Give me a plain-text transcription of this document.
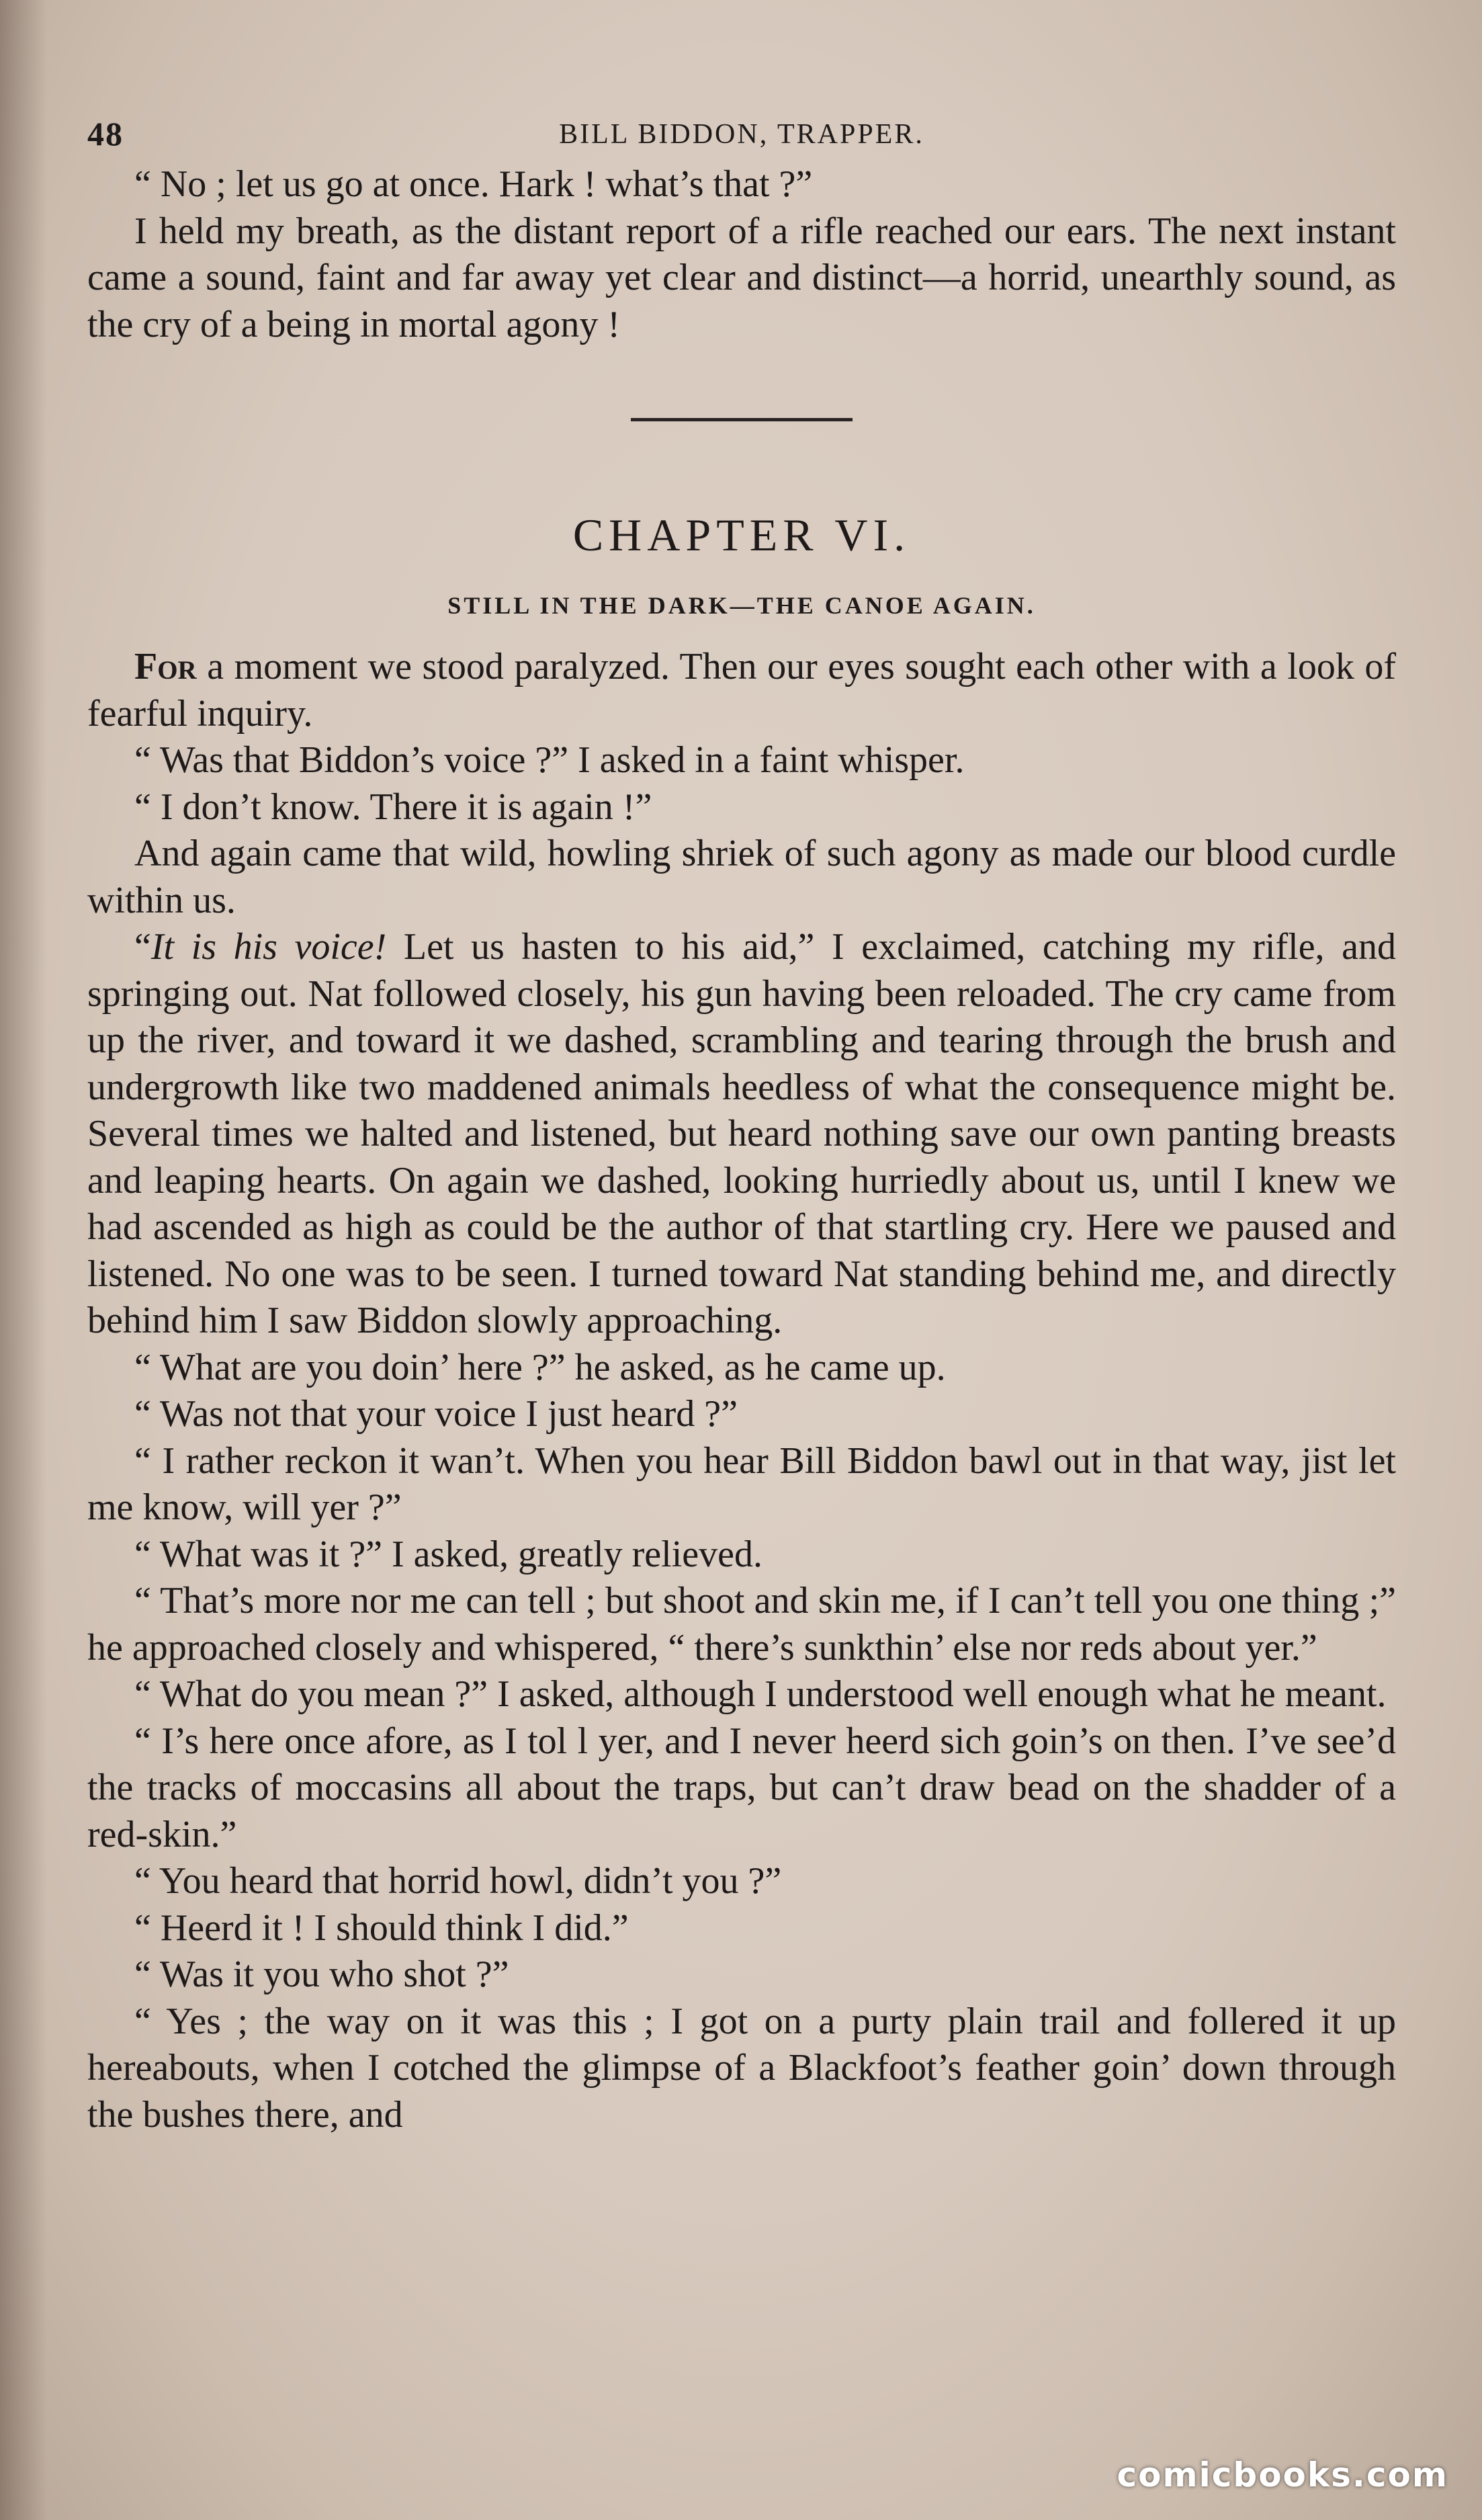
48	BILL BIDDON, TRAPPER.

“ No ; let us go at once. Hark ! what’s that ?”

I held my breath, as the distant report of a rifle reached our ears. The next instant came a sound, faint and far away yet clear and distinct—a horrid, unearthly sound, as the cry of a being in mortal agony !

CHAPTER VI.
STILL IN THE DARK—THE CANOE AGAIN.

For a moment we stood paralyzed. Then our eyes sought each other with a look of fearful inquiry.

“ Was that Biddon’s voice ?” I asked in a faint whisper.

“ I don’t know. There it is again !”

And again came that wild, howling shriek of such agony as made our blood curdle within us.

“It is his voice! Let us hasten to his aid,” I exclaimed, catching my rifle, and springing out. Nat followed closely, his gun having been reloaded. The cry came from up the river, and toward it we dashed, scrambling and tearing through the brush and undergrowth like two maddened animals heedless of what the consequence might be. Several times we halted and listened, but heard nothing save our own panting breasts and leaping hearts. On again we dashed, looking hurriedly about us, until I knew we had ascended as high as could be the author of that startling cry. Here we paused and listened. No one was to be seen. I turned toward Nat standing behind me, and directly behind him I saw Biddon slowly approaching.

“ What are you doin’ here ?” he asked, as he came up.

“ Was not that your voice I just heard ?”

“ I rather reckon it wan’t. When you hear Bill Biddon bawl out in that way, jist let me know, will yer ?”

“ What was it ?” I asked, greatly relieved.

“ That’s more nor me can tell ; but shoot and skin me, if I can’t tell you one thing ;” he approached closely and whispered, “ there’s sunkthin’ else nor reds about yer.”

“ What do you mean ?” I asked, although I understood well enough what he meant.

“ I’s here once afore, as I tol l yer, and I never heerd sich goin’s on then. I’ve see’d the tracks of moccasins all about the traps, but can’t draw bead on the shadder of a red-skin.”

“ You heard that horrid howl, didn’t you ?”

“ Heerd it ! I should think I did.”

“ Was it you who shot ?”

“ Yes ; the way on it was this ; I got on a purty plain trail and follered it up hereabouts, when I cotched the glimpse of a Blackfoot’s feather goin’ down through the bushes there, and

comicbooks.com
